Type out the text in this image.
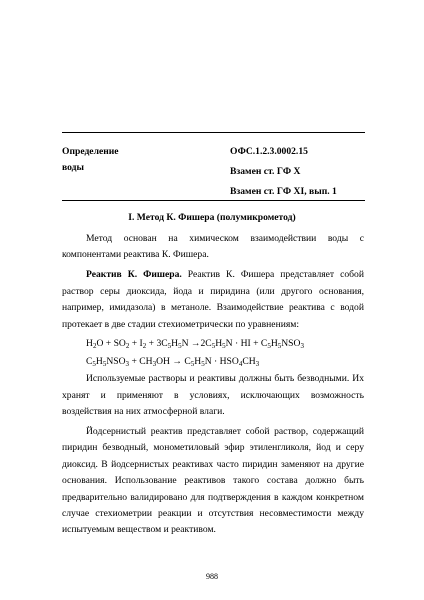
Определение
воды
ОФС.1.2.3.0002.15
Взамен ст. ГФ X
Взамен ст. ГФ XI, вып. 1
I. Метод К. Фишера (полумикрометод)

Метод основан на химическом взаимодействии воды с компонентами реактива К. Фишера.

Реактив К. Фишера. Реактив К. Фишера представляет собой раствор серы диоксида, йода и пиридина (или другого основания, например, имидазола) в метаноле. Взаимодействие реактива с водой протекает в две стадии стехиометрически по уравнениям:

$H_2O + SO_2 + I_2 + 3C_5H_5N \to 2C_5H_5N$ · HI + $C_5H_5NSO_3$

$C_5H_5NSO_3 + CH_3OH \to C_5H_5N \cdot HSO_4CH_3$

Используемые растворы и реактивы должны быть безводными. Их хранят и применяют в условиях, исключающих возможность воздействия на них атмосферной влаги.

Йодсернистый реактив представляет собой раствор, содержащий пиридин безводный, монометиловый эфир этиленгликоля, йод и серу диоксид. В йодсернистых реактивах часто пиридин заменяют на другие основания. Использование реактивов такого состава должно быть предварительно валидировано для подтверждения в каждом конкретном случае стехиометрии реакции и отсутствия несовместимости между испытуемым веществом и реактивом.

988
